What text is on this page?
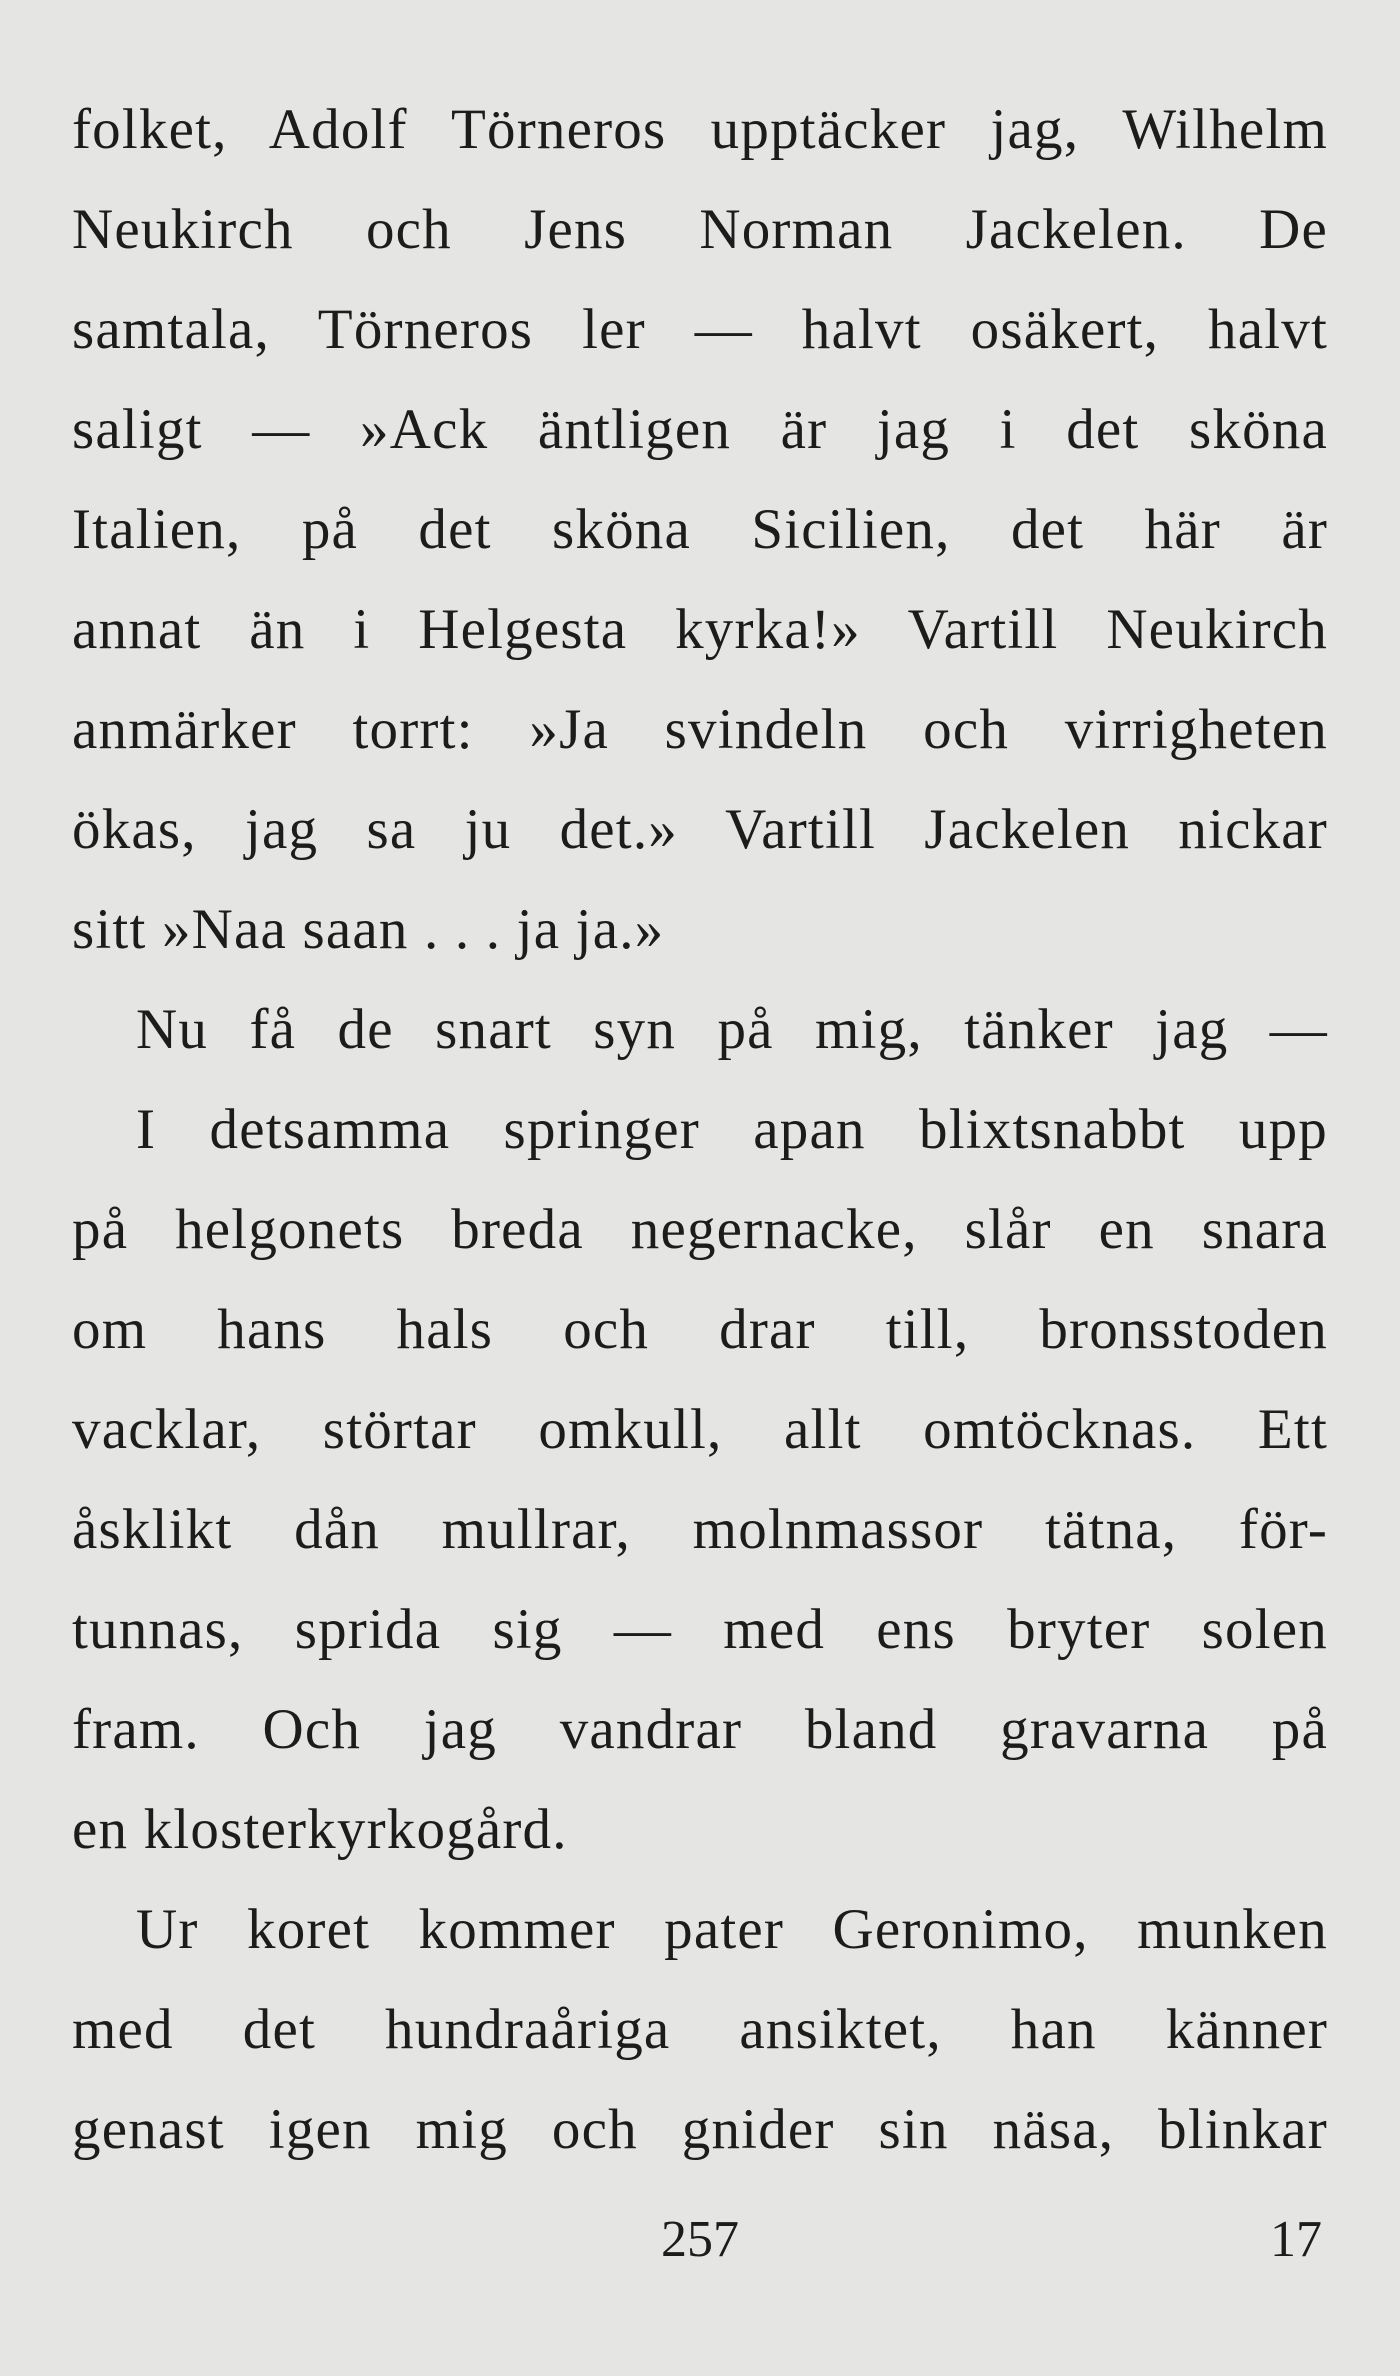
folket, Adolf Törneros upptäcker jag, Wilhelm
Neukirch och Jens Norman Jackelen. De
samtala, Törneros ler — halvt osäkert, halvt
saligt — »Ack äntligen är jag i det sköna
Italien, på det sköna Sicilien, det här är
annat än i Helgesta kyrka!» Vartill Neukirch
anmärker torrt: »Ja svindeln och virrigheten
ökas, jag sa ju det.» Vartill Jackelen nickar
sitt »Naa saan . . . ja ja.»
Nu få de snart syn på mig, tänker jag —
I detsamma springer apan blixtsnabbt upp
på helgonets breda negernacke, slår en snara
om hans hals och drar till, bronsstoden
vacklar, störtar omkull, allt omtöcknas. Ett
åsklikt dån mullrar, molnmassor tätna, för-
tunnas, sprida sig — med ens bryter solen
fram. Och jag vandrar bland gravarna på
en klosterkyrkogård.
Ur koret kommer pater Geronimo, munken
med det hundraåriga ansiktet, han känner
genast igen mig och gnider sin näsa, blinkar
257	17
